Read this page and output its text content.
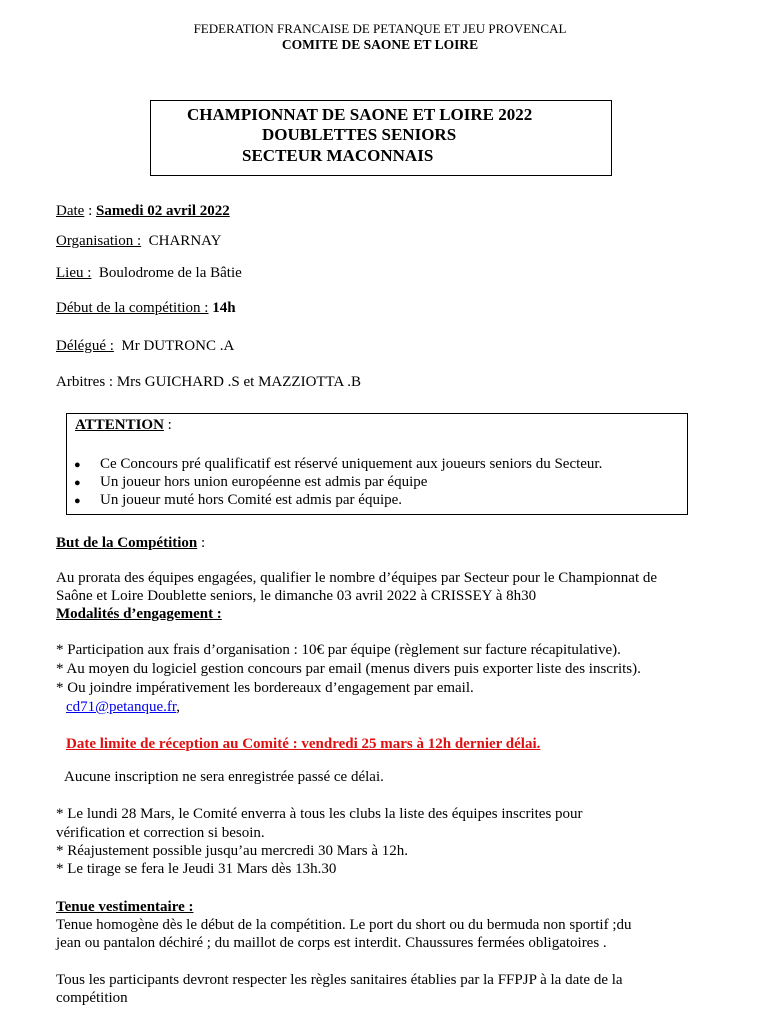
FEDERATION FRANCAISE DE PETANQUE ET JEU PROVENCAL
COMITE DE SAONE ET LOIRE
CHAMPIONNAT DE SAONE ET LOIRE 2022
DOUBLETTES SENIORS
SECTEUR MACONNAIS
Date : Samedi 02 avril 2022
Organisation : CHARNAY
Lieu : Boulodrome de la Bâtie
Début de la compétition : 14h
Délégué : Mr DUTRONC .A
Arbitres : Mrs GUICHARD .S et MAZZIOTTA .B
ATTENTION :
● Ce Concours pré qualificatif est réservé uniquement aux joueurs seniors du Secteur.
● Un joueur hors union européenne est admis par équipe
● Un joueur muté hors Comité est admis par équipe.
But de la Compétition :
Au prorata des équipes engagées, qualifier le nombre d’équipes par Secteur pour le Championnat de
Saône et Loire Doublette seniors, le dimanche 03 avril 2022 à CRISSEY à 8h30
Modalités d’engagement :
* Participation aux frais d’organisation : 10€ par équipe (règlement sur facture récapitulative).
* Au moyen du logiciel gestion concours par email (menus divers puis exporter liste des inscrits).
* Ou joindre impérativement les bordereaux d’engagement par email.
cd71@petanque.fr,
Date limite de réception au Comité : vendredi 25 mars à 12h dernier délai.
Aucune inscription ne sera enregistrée passé ce délai.
* Le lundi 28 Mars, le Comité enverra à tous les clubs la liste des équipes inscrites pour
vérification et correction si besoin.
* Réajustement possible jusqu’au mercredi 30 Mars à 12h.
* Le tirage se fera le Jeudi 31 Mars dès 13h.30
Tenue vestimentaire :
Tenue homogène dès le début de la compétition. Le port du short ou du bermuda non sportif ;du
jean ou pantalon déchiré ; du maillot de corps est interdit. Chaussures fermées obligatoires .
Tous les participants devront respecter les règles sanitaires établies par la FFPJP à la date de la
compétition
